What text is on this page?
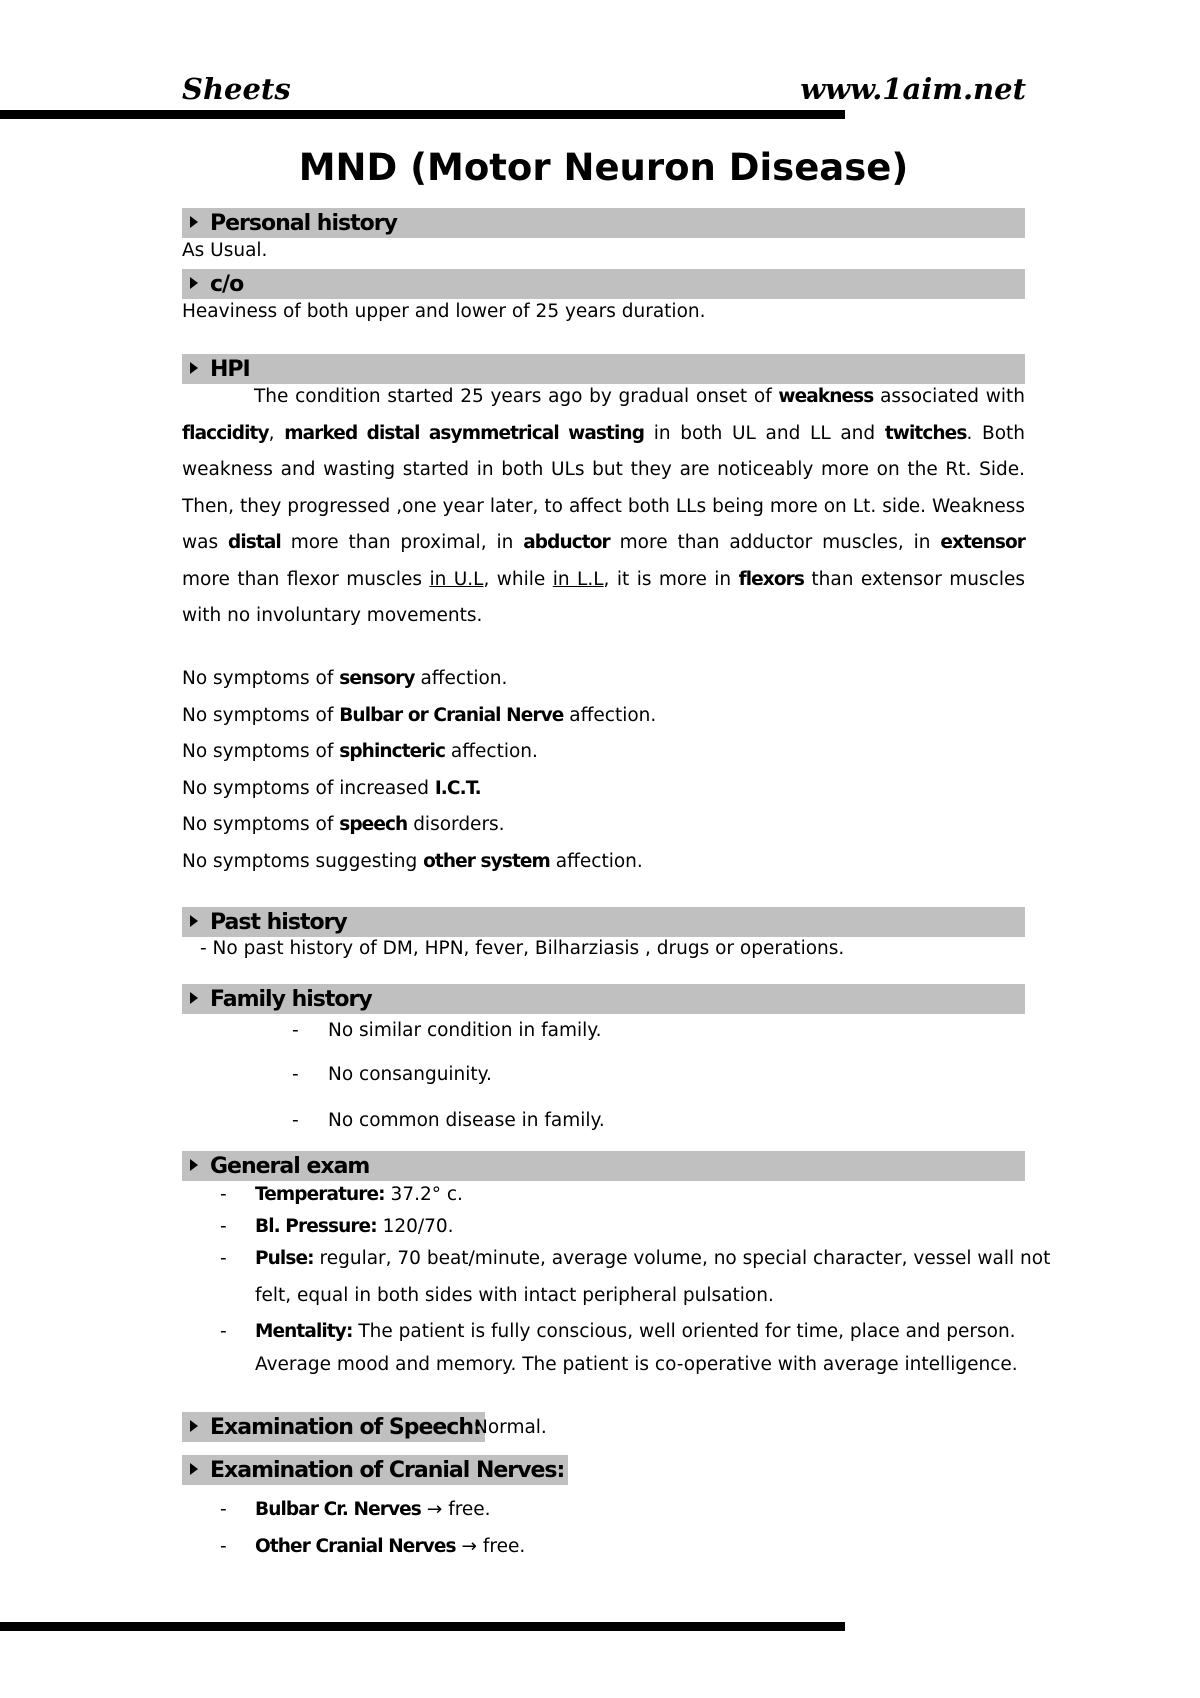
Sheets	www.1aim.net
MND (Motor Neuron Disease)
Personal history
As Usual.
c/o
Heaviness of both upper and lower of 25 years duration.
HPI
The condition started 25 years ago by gradual onset of weakness associated with flaccidity, marked distal asymmetrical wasting in both UL and LL and twitches. Both weakness and wasting started in both ULs but they are noticeably more on the Rt. Side. Then, they progressed ,one year later, to affect both LLs being more on Lt. side. Weakness was distal more than proximal, in abductor more than adductor muscles, in extensor more than flexor muscles in U.L, while in L.L, it is more in flexors than extensor muscles with no involuntary movements.
No symptoms of sensory affection.
No symptoms of Bulbar or Cranial Nerve affection.
No symptoms of sphincteric affection.
No symptoms of increased I.C.T.
No symptoms of speech disorders.
No symptoms suggesting other system affection.
Past history
- No past history of DM, HPN, fever, Bilharziasis , drugs or operations.
Family history
- No similar condition in family.
- No consanguinity.
- No common disease in family.
General exam
- Temperature: 37.2° c.
- Bl. Pressure: 120/70.
- Pulse: regular, 70 beat/minute, average volume, no special character, vessel wall not
felt, equal in both sides with intact peripheral pulsation.
- Mentality: The patient is fully conscious, well oriented for time, place and person.
Average mood and memory. The patient is co-operative with average intelligence.
Examination of Speech:
Normal.
Examination of Cranial Nerves:
- Bulbar Cr. Nerves → free.
- Other Cranial Nerves → free.
